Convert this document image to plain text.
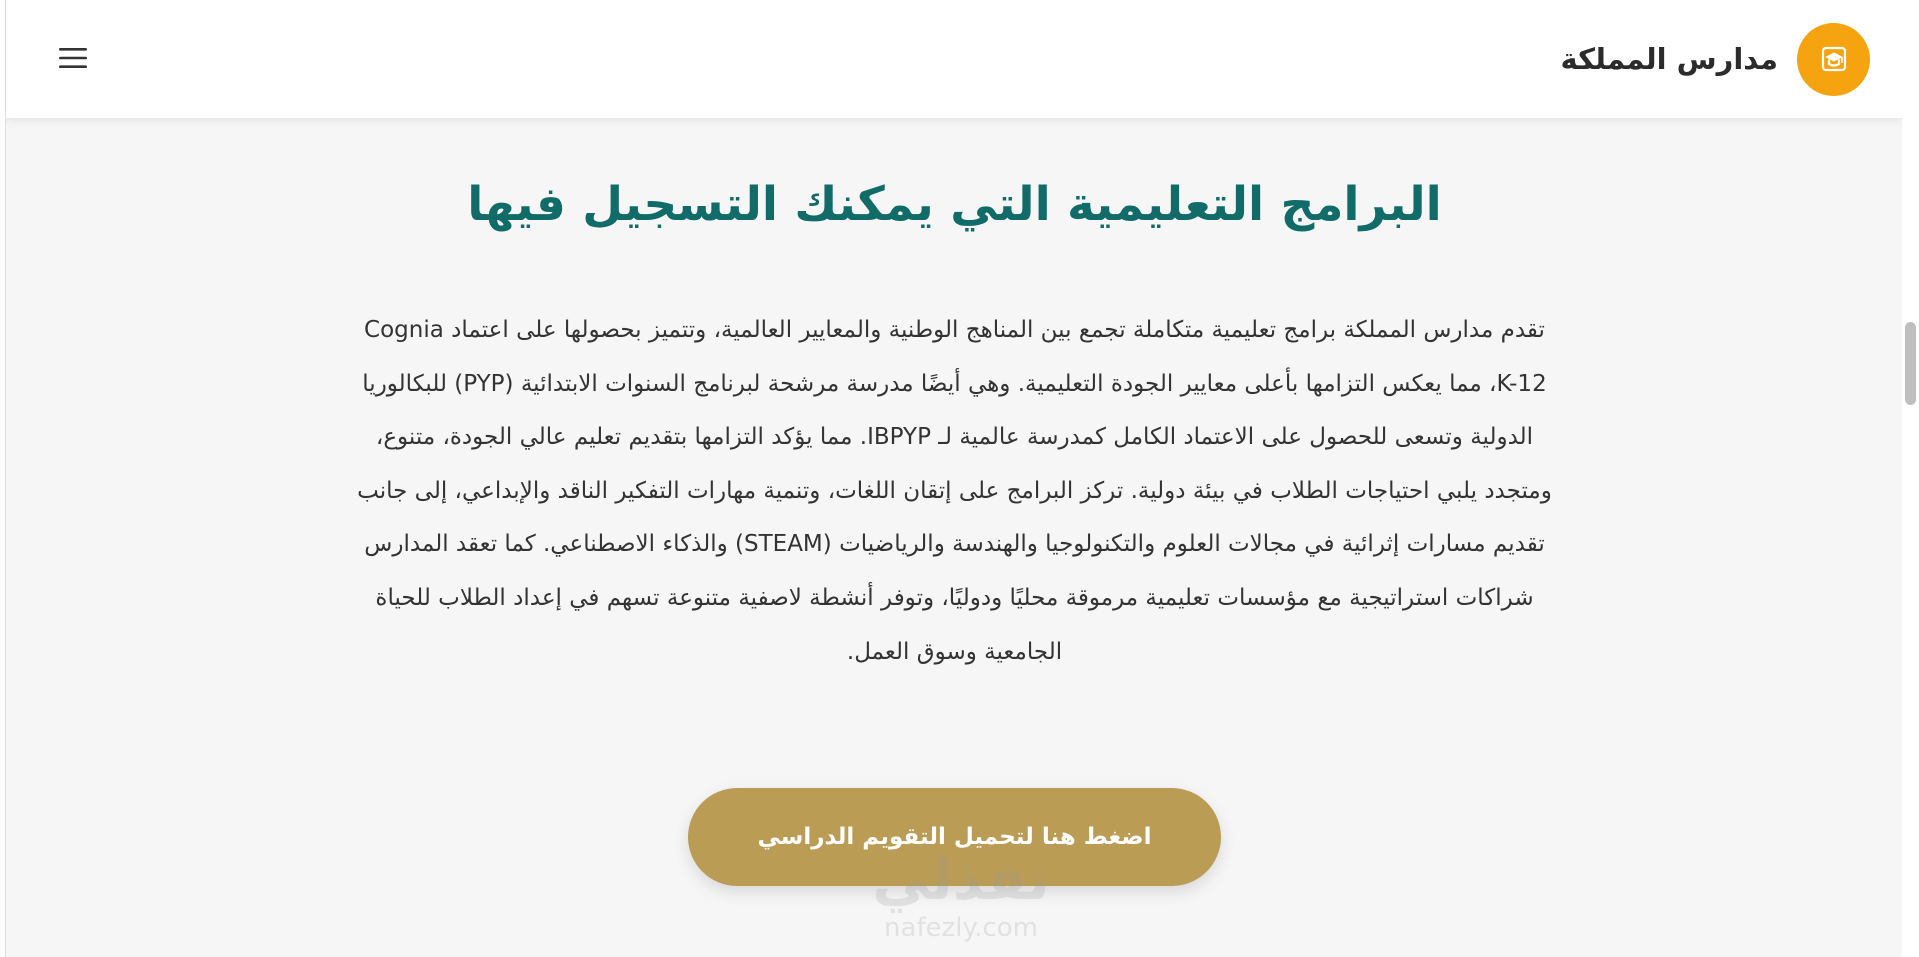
مدارس المملكة
البرامج التعليمية التي يمكنك التسجيل فيها

تقدم مدارس المملكة برامج تعليمية متكاملة تجمع بين المناهج الوطنية والمعايير العالمية، وتتميز بحصولها على اعتماد Cognia K-12، مما يعكس التزامها بأعلى معايير الجودة التعليمية. وهي أيضًا مدرسة مرشحة لبرنامج السنوات الابتدائية (PYP) للبكالوريا الدولية وتسعى للحصول على الاعتماد الكامل كمدرسة عالمية لـ IBPYP. مما يؤكد التزامها بتقديم تعليم عالي الجودة، متنوع، ومتجدد يلبي احتياجات الطلاب في بيئة دولية. تركز البرامج على إتقان اللغات، وتنمية مهارات التفكير الناقد والإبداعي، إلى جانب تقديم مسارات إثرائية في مجالات العلوم والتكنولوجيا والهندسة والرياضيات (STEAM) والذكاء الاصطناعي. كما تعقد المدارس شراكات استراتيجية مع مؤسسات تعليمية مرموقة محليًا ودوليًا، وتوفر أنشطة لاصفية متنوعة تسهم في إعداد الطلاب للحياة الجامعية وسوق العمل.

اضغط هنا لتحميل التقويم الدراسي
نفذلي
nafezly.com
